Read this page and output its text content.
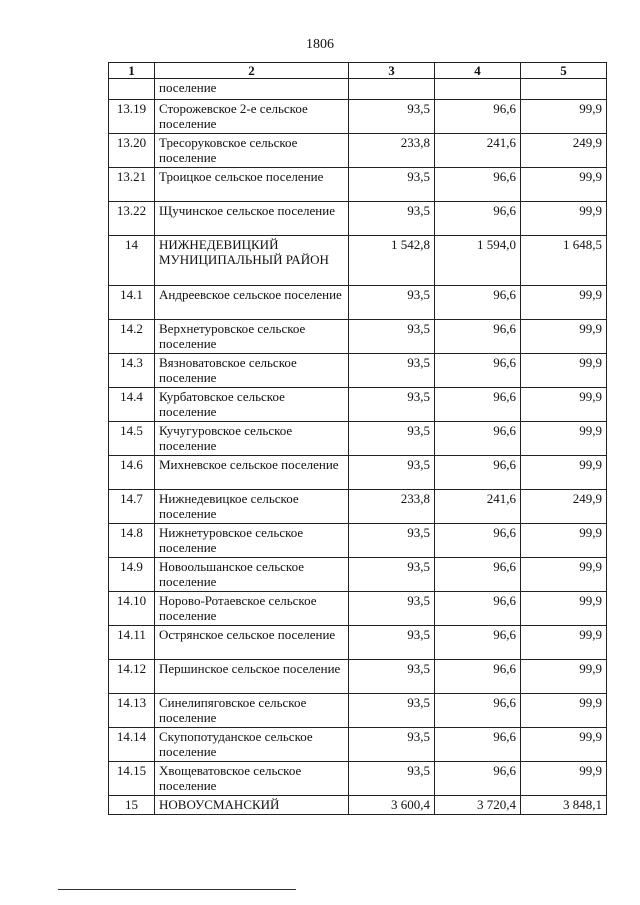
1806
1	2	3	4	5
	поселение			
13.19	Сторожевское 2-е сельское поселение	93,5	96,6	99,9
13.20	Тресоруковское сельское поселение	233,8	241,6	249,9
13.21	Троицкое сельское поселение	93,5	96,6	99,9
13.22	Щучинское сельское поселение	93,5	96,6	99,9
14	НИЖНЕДЕВИЦКИЙ МУНИЦИПАЛЬНЫЙ РАЙОН	1 542,8	1 594,0	1 648,5
14.1	Андреевское сельское поселение	93,5	96,6	99,9
14.2	Верхнетуровское сельское поселение	93,5	96,6	99,9
14.3	Вязноватовское сельское поселение	93,5	96,6	99,9
14.4	Курбатовское сельское поселение	93,5	96,6	99,9
14.5	Кучугуровское сельское поселение	93,5	96,6	99,9
14.6	Михневское сельское поселение	93,5	96,6	99,9
14.7	Нижнедевицкое сельское поселение	233,8	241,6	249,9
14.8	Нижнетуровское сельское поселение	93,5	96,6	99,9
14.9	Новоольшанское сельское поселение	93,5	96,6	99,9
14.10	Норово-Ротаевское сельское поселение	93,5	96,6	99,9
14.11	Острянское сельское поселение	93,5	96,6	99,9
14.12	Першинское сельское поселение	93,5	96,6	99,9
14.13	Синелипяговское сельское поселение	93,5	96,6	99,9
14.14	Скупопотуданское сельское поселение	93,5	96,6	99,9
14.15	Хвощеватовское сельское поселение	93,5	96,6	99,9
15	НОВОУСМАНСКИЙ	3 600,4	3 720,4	3 848,1
